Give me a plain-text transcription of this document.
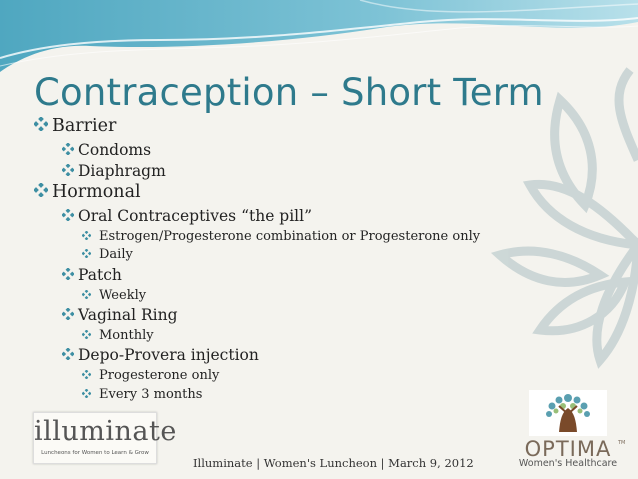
Contraception – Short Term
Barrier
Condoms
Diaphragm
Hormonal
Oral Contraceptives “the pill”
Estrogen/Progesterone combination or Progesterone only
Daily
Patch
Weekly
Vaginal Ring
Monthly
Depo-Provera injection
Progesterone only
Every 3 months
illuminate
Luncheons for Women to Learn & Grow
Illuminate | Women's Luncheon | March 9, 2012
OPTIMA	TM
Women's Healthcare
